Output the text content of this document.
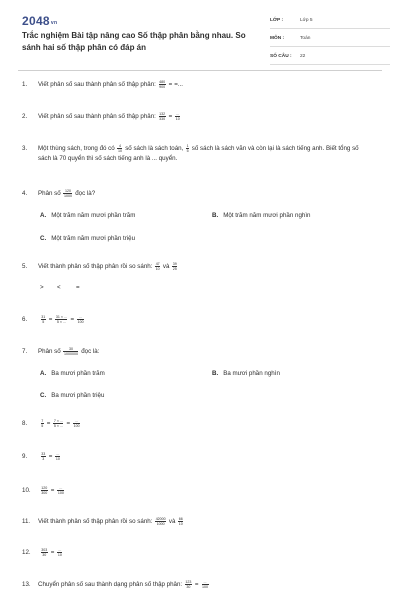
2048vn
Trắc nghiệm Bài tập nâng cao Số thập phân bằng nhau. So sánh hai số thập phân có đáp án
LỚP :	Lớp 5
MÔN :	Toán
SỐ CÂU :	22
1. Viết phân số sau thành phân số thập phân: $\frac{480}{900}$ = =...
2. Viết phân số sau thành phân số thập phân: $\frac{132}{330} = \frac{...}{10}$
3. Một thùng sách, trong đó có $\frac{4}{10}$ số sách là sách toán, $\frac{1}{5}$ số sách là sách văn và còn lại là sách tiếng anh. Biết tổng số sách là 70 quyển thì số sách tiếng anh là ... quyển.
4. Phân số $\frac{120}{1000}$ đọc là?
A. Một trăm năm mươi phần trăm	B. Một trăm năm mươi phần nghìn
C. Một trăm năm mươi phần triệu
5. Viết thành phân số thập phân rồi so sánh: $\frac{47}{10}$ và $\frac{39}{25}$
> < =
6.	$\frac{31}{5} = \frac{31 \times ...}{5 \times ...} = \frac{...}{100}$
7. Phân số $\frac{30}{1000000}$ đọc là:
A. Ba mươi phần trăm	B. Ba mươi phần nghìn
C. Ba mươi phần triệu
8.	$\frac{7}{5} = \frac{7 \times ...}{5 \times ...} = \frac{...}{100}$
9.	$\frac{33}{3} = \frac{...}{10}$
10.	$\frac{120}{300} = \frac{...}{100}$
11. Viết thành phân số thập phân rồi so sánh: $\frac{42000}{1000}$ và $\frac{66}{10}$
12.	$\frac{303}{30} = \frac{...}{10}$
13. Chuyển phân số sau thành dạng phân số thập phân: $\frac{123}{30} = \frac{...}{100}$
